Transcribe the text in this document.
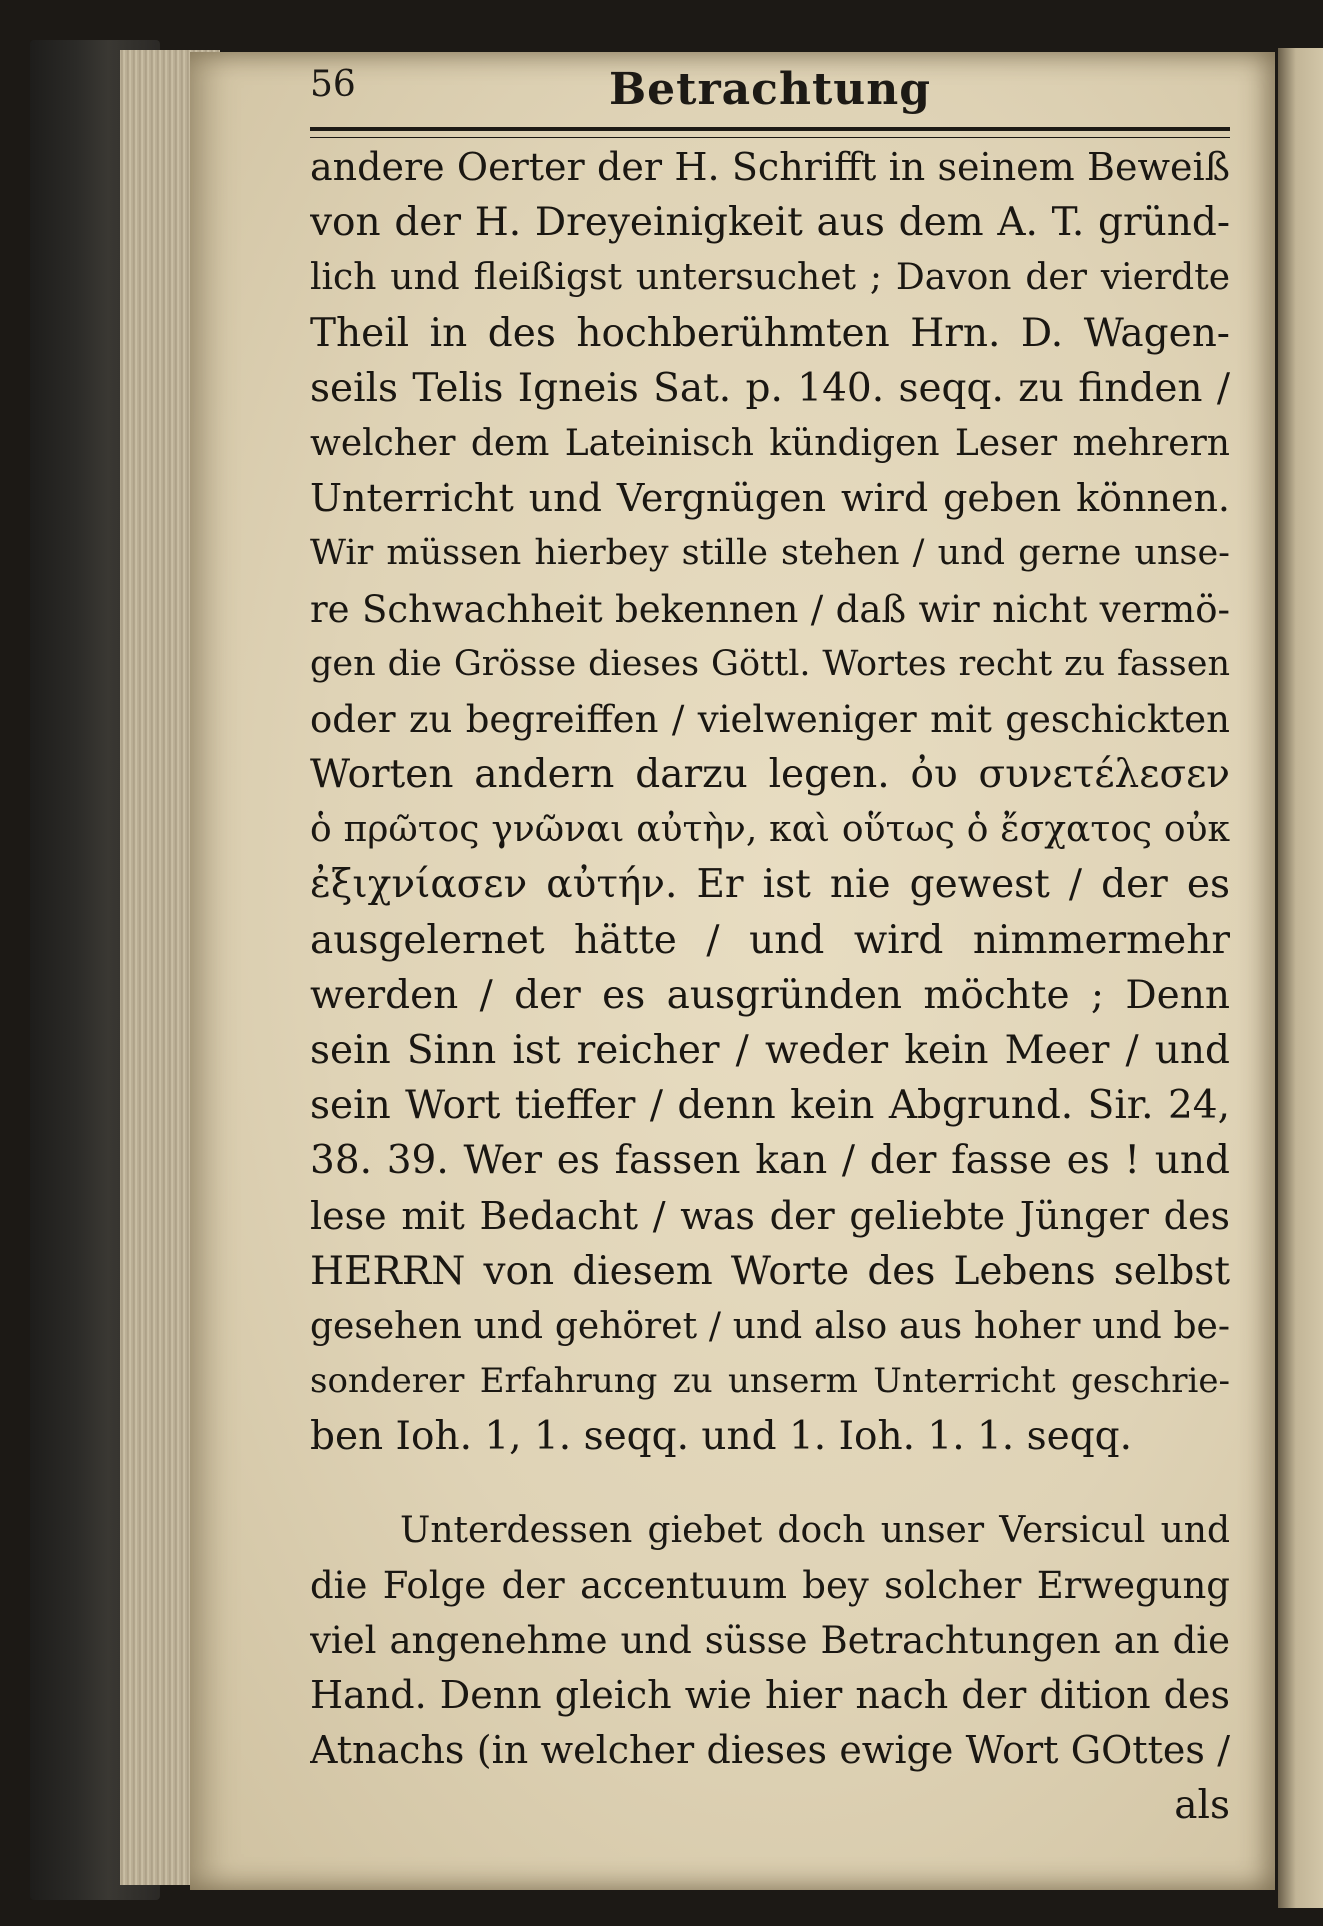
56	Betrachtung
andere Oerter der H. Schrifft in seinem Beweiß
von der H. Dreyeinigkeit aus dem A. T. gründ-
lich und fleißigst untersuchet ; Davon der vierdte
Theil in des hochberühmten Hrn. D. Wagen-
seils Telis Igneis Sat. p. 140. seqq. zu finden /
welcher dem Lateinisch kündigen Leser mehrern
Unterricht und Vergnügen wird geben können.
Wir müssen hierbey stille stehen / und gerne unse-
re Schwachheit bekennen / daß wir nicht vermö-
gen die Grösse dieses Göttl. Wortes recht zu fassen
oder zu begreiffen / vielweniger mit geschickten
Worten andern darzu legen. ὀυ συνετέλεσεν
ὁ πρῶτος γνῶναι αὐτὴν, καὶ οὕτως ὁ ἔσχατος οὐκ
ἐξιχνίασεν αὐτήν. Er ist nie gewest / der es
ausgelernet hätte / und wird nimmermehr
werden / der es ausgründen möchte ; Denn
sein Sinn ist reicher / weder kein Meer / und
sein Wort tieffer / denn kein Abgrund. Sir. 24,
38. 39. Wer es fassen kan / der fasse es ! und
lese mit Bedacht / was der geliebte Jünger des
HERRN von diesem Worte des Lebens selbst
gesehen und gehöret / und also aus hoher und be-
sonderer Erfahrung zu unserm Unterricht geschrie-
ben Ioh. 1, 1. seqq. und 1. Ioh. 1. 1. seqq.
Unterdessen giebet doch unser Versicul und
die Folge der accentuum bey solcher Erwegung
viel angenehme und süsse Betrachtungen an die
Hand. Denn gleich wie hier nach der dition des
Atnachs (in welcher dieses ewige Wort GOttes /
als
